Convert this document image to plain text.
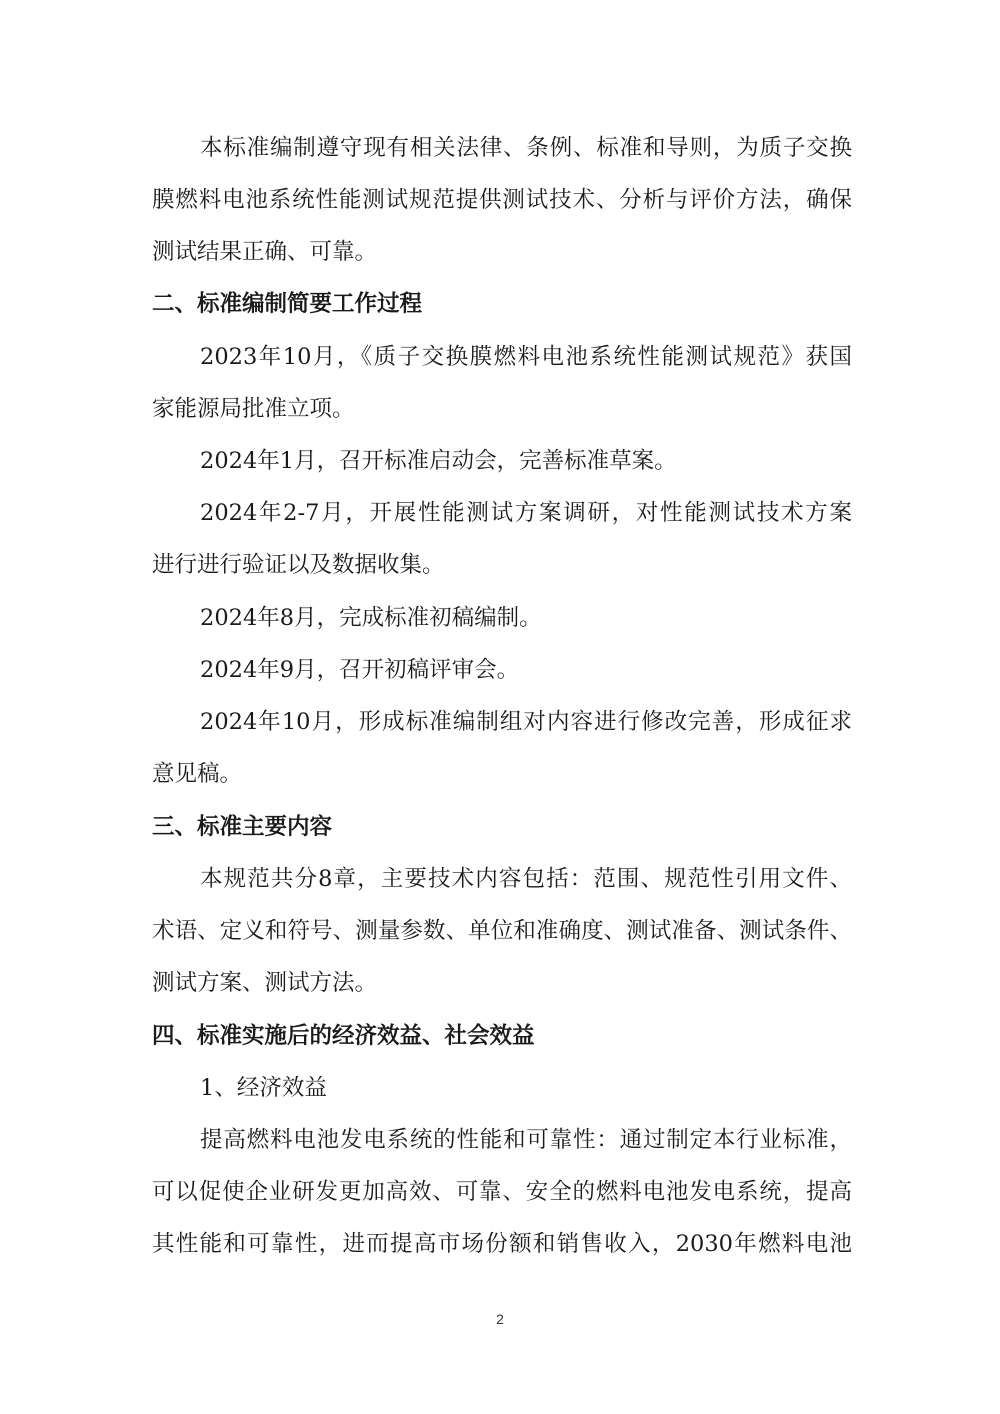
本标准编制遵守现有相关法律、条例、标准和导则，为质子交换
膜燃料电池系统性能测试规范提供测试技术、分析与评价方法，确保
测试结果正确、可靠。
二、标准编制简要工作过程
2023年10月，《质子交换膜燃料电池系统性能测试规范》获国
家能源局批准立项。
2024年1月，召开标准启动会，完善标准草案。
2024年2-7月，开展性能测试方案调研，对性能测试技术方案
进行进行验证以及数据收集。
2024年8月，完成标准初稿编制。
2024年9月，召开初稿评审会。
2024年10月，形成标准编制组对内容进行修改完善，形成征求
意见稿。
三、标准主要内容
本规范共分8章，主要技术内容包括：范围、规范性引用文件、
术语、定义和符号、测量参数、单位和准确度、测试准备、测试条件、
测试方案、测试方法。
四、标准实施后的经济效益、社会效益
1、经济效益
提高燃料电池发电系统的性能和可靠性：通过制定本行业标准，
可以促使企业研发更加高效、可靠、安全的燃料电池发电系统，提高
其性能和可靠性，进而提高市场份额和销售收入，2030年燃料电池
2
